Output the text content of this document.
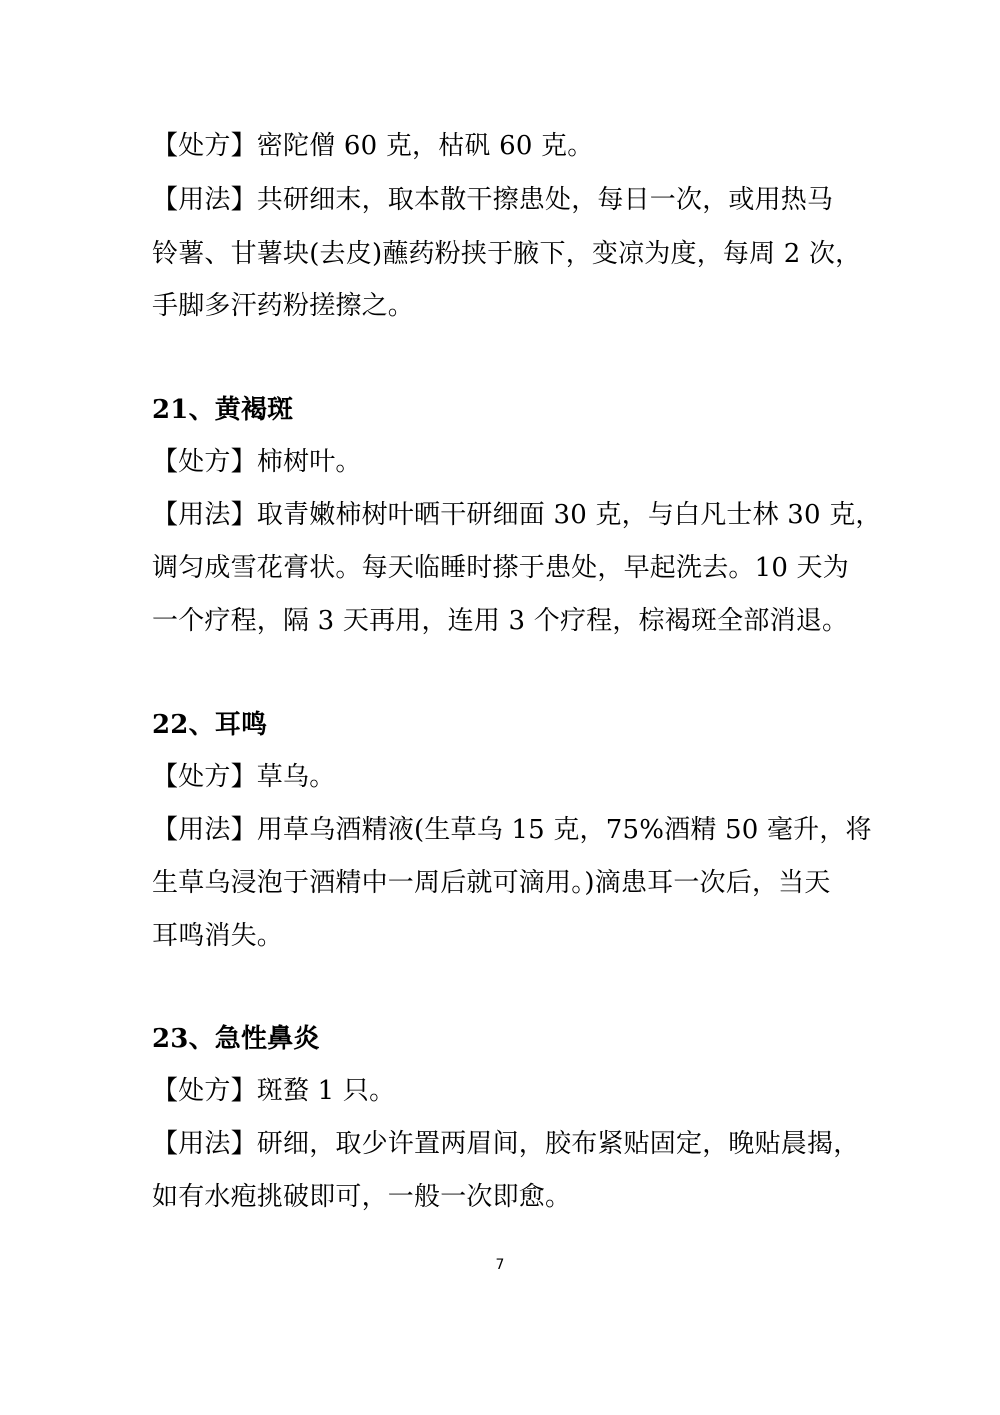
【处方】密陀僧 60 克，枯矾 60 克。
【用法】共研细末，取本散干擦患处，每日一次，或用热马
铃薯、甘薯块(去皮)蘸药粉挟于腋下，变凉为度，每周 2 次，
手脚多汗药粉搓擦之。
21、黄褐斑
【处方】柿树叶。
【用法】取青嫩柿树叶晒干研细面 30 克，与白凡士林 30 克，
调匀成雪花膏状。每天临睡时搽于患处，早起洗去。10 天为
一个疗程，隔 3 天再用，连用 3 个疗程，棕褐斑全部消退。
22、耳鸣
【处方】草乌。
【用法】用草乌酒精液(生草乌 15 克，75%酒精 50 毫升，将
生草乌浸泡于酒精中一周后就可滴用。)滴患耳一次后，当天
耳鸣消失。
23、急性鼻炎
【处方】斑蝥 1 只。
【用法】研细，取少许置两眉间，胶布紧贴固定，晚贴晨揭，
如有水疱挑破即可，一般一次即愈。
7
